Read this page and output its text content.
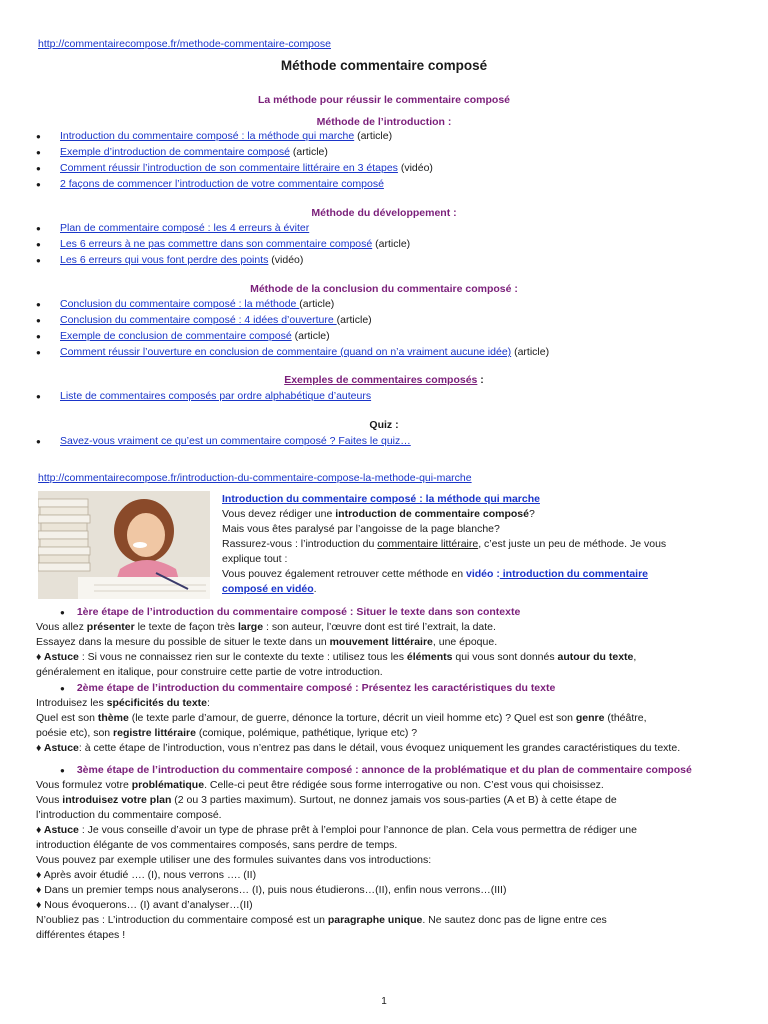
http://commentairecompose.fr/methode-commentaire-compose
Méthode commentaire composé
La méthode pour réussir le commentaire composé
Méthode de l’introduction :
● Introduction du commentaire composé : la méthode qui marche (article)
● Exemple d’introduction de commentaire composé (article)
● Comment réussir l’introduction de son commentaire littéraire en 3 étapes (vidéo)
● 2 façons de commencer l’introduction de votre commentaire composé
Méthode du développement :
● Plan de commentaire composé : les 4 erreurs à éviter
● Les 6 erreurs à ne pas commettre dans son commentaire composé (article)
● Les 6 erreurs qui vous font perdre des points (vidéo)
Méthode de la conclusion du commentaire composé :
● Conclusion du commentaire composé : la méthode (article)
● Conclusion du commentaire composé : 4 idées d’ouverture (article)
● Exemple de conclusion de commentaire composé (article)
● Comment réussir l’ouverture en conclusion de commentaire (quand on n’a vraiment aucune idée) (article)
Exemples de commentaires composés :
● Liste de commentaires composés par ordre alphabétique d’auteurs
Quiz :
● Savez-vous vraiment ce qu’est un commentaire composé ? Faites le quiz…
http://commentairecompose.fr/introduction-du-commentaire-compose-la-methode-qui-marche
Introduction du commentaire composé : la méthode qui marche
Vous devez rédiger une introduction de commentaire composé?
Mais vous êtes paralysé par l’angoisse de la page blanche?
Rassurez-vous : l’introduction du commentaire littéraire, c’est juste un peu de méthode. Je vous
explique tout :
Vous pouvez également retrouver cette méthode en vidéo : introduction du commentaire
composé en vidéo.
● 1ère étape de l’introduction du commentaire composé : Situer le texte dans son contexte
Vous allez présenter le texte de façon très large : son auteur, l’œuvre dont est tiré l’extrait, la date.
Essayez dans la mesure du possible de situer le texte dans un mouvement littéraire, une époque.
♦ Astuce : Si vous ne connaissez rien sur le contexte du texte : utilisez tous les éléments qui vous sont donnés autour du texte,
généralement en italique, pour construire cette partie de votre introduction.
● 2ème étape de l’introduction du commentaire composé : Présentez les caractéristiques du texte
Introduisez les spécificités du texte:
Quel est son thème (le texte parle d’amour, de guerre, dénonce la torture, décrit un vieil homme etc) ? Quel est son genre (théâtre,
poésie etc), son registre littéraire (comique, polémique, pathétique, lyrique etc) ?
♦ Astuce: à cette étape de l’introduction, vous n’entrez pas dans le détail, vous évoquez uniquement les grandes caractéristiques du texte.
● 3ème étape de l’introduction du commentaire composé : annonce de la problématique et du plan de commentaire composé
Vous formulez votre problématique. Celle-ci peut être rédigée sous forme interrogative ou non. C’est vous qui choisissez.
Vous introduisez votre plan (2 ou 3 parties maximum). Surtout, ne donnez jamais vos sous-parties (A et B) à cette étape de
l’introduction du commentaire composé.
♦ Astuce : Je vous conseille d’avoir un type de phrase prêt à l’emploi pour l’annonce de plan. Cela vous permettra de rédiger une
introduction élégante de vos commentaires composés, sans perdre de temps.
Vous pouvez par exemple utiliser une des formules suivantes dans vos introductions:
♦ Après avoir étudié …. (I), nous verrons …. (II)
♦ Dans un premier temps nous analyserons… (I), puis nous étudierons…(II), enfin nous verrons…(III)
♦ Nous évoquerons… (I) avant d’analyser…(II)
N’oubliez pas : L’introduction du commentaire composé est un paragraphe unique. Ne sautez donc pas de ligne entre ces
différentes étapes !
1
